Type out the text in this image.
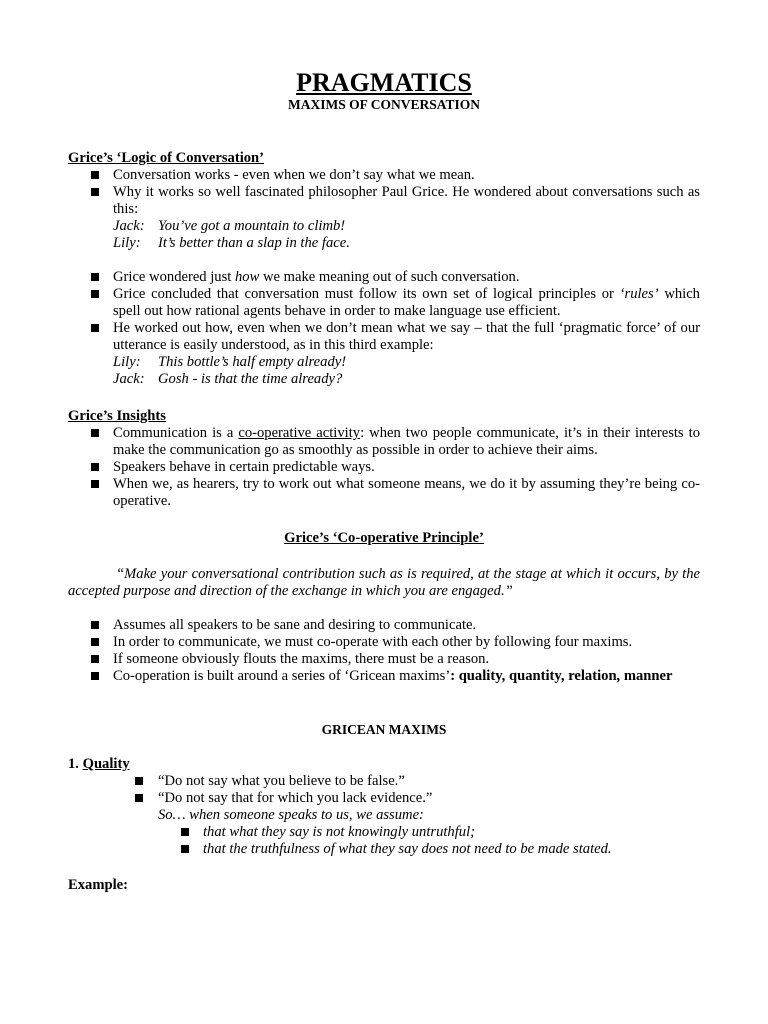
PRAGMATICS
MAXIMS OF CONVERSATION
Grice’s ‘Logic of Conversation’
Conversation works - even when we don’t say what we mean.
Why it works so well fascinated philosopher Paul Grice. He wondered about conversations such as this:
Jack: You’ve got a mountain to climb!
Lily: It’s better than a slap in the face.
Grice wondered just how we make meaning out of such conversation.
Grice concluded that conversation must follow its own set of logical principles or ‘rules’ which spell out how rational agents behave in order to make language use efficient.
He worked out how, even when we don’t mean what we say – that the full ‘pragmatic force’ of our utterance is easily understood, as in this third example:
Lily: This bottle’s half empty already!
Jack: Gosh - is that the time already?
Grice’s Insights
Communication is a co-operative activity: when two people communicate, it’s in their interests to make the communication go as smoothly as possible in order to achieve their aims.
Speakers behave in certain predictable ways.
When we, as hearers, try to work out what someone means, we do it by assuming they’re being co-operative.
Grice’s ‘Co-operative Principle’
“Make your conversational contribution such as is required, at the stage at which it occurs, by the accepted purpose and direction of the exchange in which you are engaged.”
Assumes all speakers to be sane and desiring to communicate.
In order to communicate, we must co-operate with each other by following four maxims.
If someone obviously flouts the maxims, there must be a reason.
Co-operation is built around a series of ‘Gricean maxims’: quality, quantity, relation, manner
GRICEAN MAXIMS
1. Quality
“Do not say what you believe to be false.”
“Do not say that for which you lack evidence.”
So… when someone speaks to us, we assume:
that what they say is not knowingly untruthful;
that the truthfulness of what they say does not need to be made stated.
Example:
